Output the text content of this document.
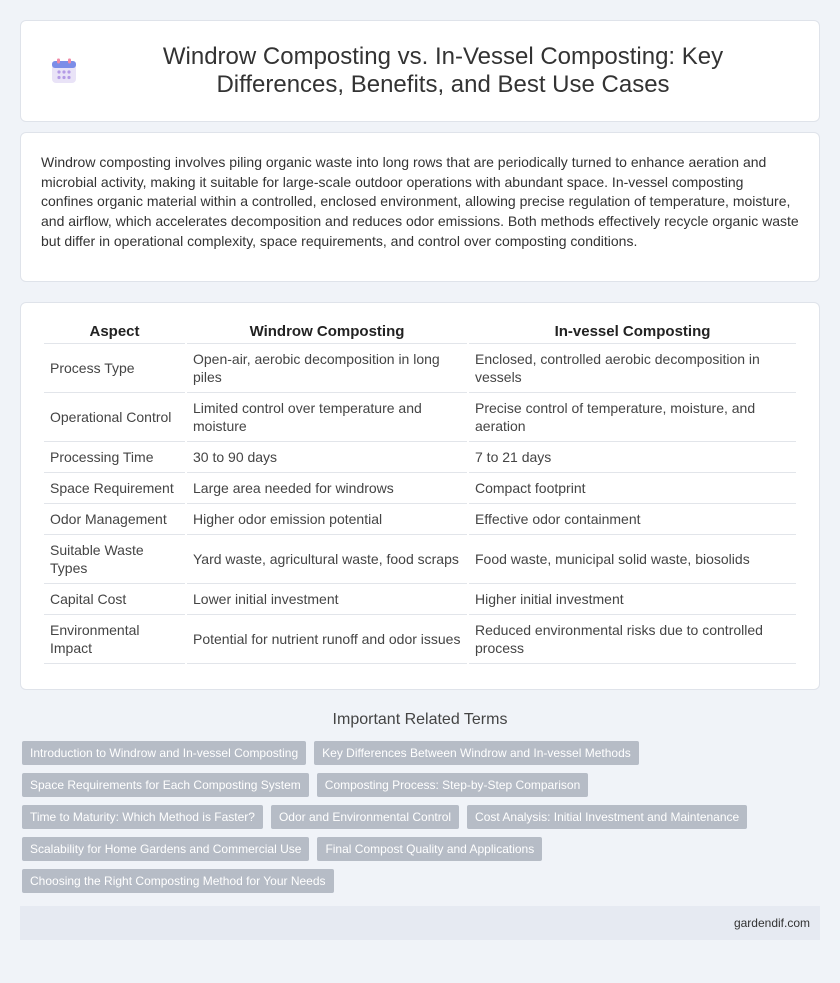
Windrow Composting vs. In-Vessel Composting: Key Differences, Benefits, and Best Use Cases
Windrow composting involves piling organic waste into long rows that are periodically turned to enhance aeration and microbial activity, making it suitable for large-scale outdoor operations with abundant space. In-vessel composting confines organic material within a controlled, enclosed environment, allowing precise regulation of temperature, moisture, and airflow, which accelerates decomposition and reduces odor emissions. Both methods effectively recycle organic waste but differ in operational complexity, space requirements, and control over composting conditions.
Aspect	Windrow Composting	In-vessel Composting
Process Type	Open-air, aerobic decomposition in long piles	Enclosed, controlled aerobic decomposition in vessels
Operational Control	Limited control over temperature and moisture	Precise control of temperature, moisture, and aeration
Processing Time	30 to 90 days	7 to 21 days
Space Requirement	Large area needed for windrows	Compact footprint
Odor Management	Higher odor emission potential	Effective odor containment
Suitable Waste Types	Yard waste, agricultural waste, food scraps	Food waste, municipal solid waste, biosolids
Capital Cost	Lower initial investment	Higher initial investment
Environmental Impact	Potential for nutrient runoff and odor issues	Reduced environmental risks due to controlled process
Important Related Terms
Introduction to Windrow and In-vessel Composting	Key Differences Between Windrow and In-vessel Methods
Space Requirements for Each Composting System	Composting Process: Step-by-Step Comparison
Time to Maturity: Which Method is Faster?	Odor and Environmental Control	Cost Analysis: Initial Investment and Maintenance
Scalability for Home Gardens and Commercial Use	Final Compost Quality and Applications
Choosing the Right Composting Method for Your Needs
gardendif.com
